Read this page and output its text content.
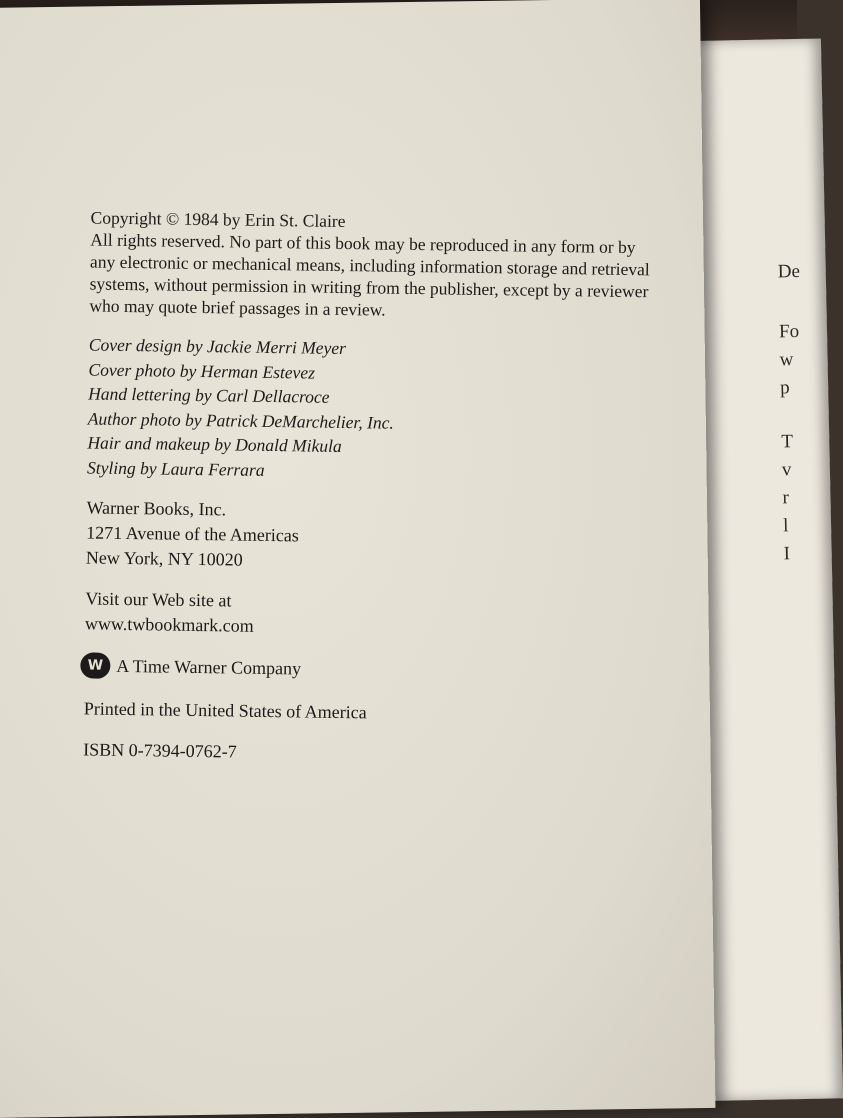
De
Fo
w
p
T
v
r
l
I

Copyright © 1984 by Erin St. Claire
All rights reserved. No part of this book may be reproduced in any form or by any electronic or mechanical means, including information storage and retrieval systems, without permission in writing from the publisher, except by a reviewer who may quote brief passages in a review.

Cover design by Jackie Merri Meyer
Cover photo by Herman Estevez
Hand lettering by Carl Dellacroce
Author photo by Patrick DeMarchelier, Inc.
Hair and makeup by Donald Mikula
Styling by Laura Ferrara
Warner Books, Inc.
1271 Avenue of the Americas
New York, NY 10020
Visit our Web site at
www.twbookmark.com
W A Time Warner Company

Printed in the United States of America

ISBN 0-7394-0762-7
